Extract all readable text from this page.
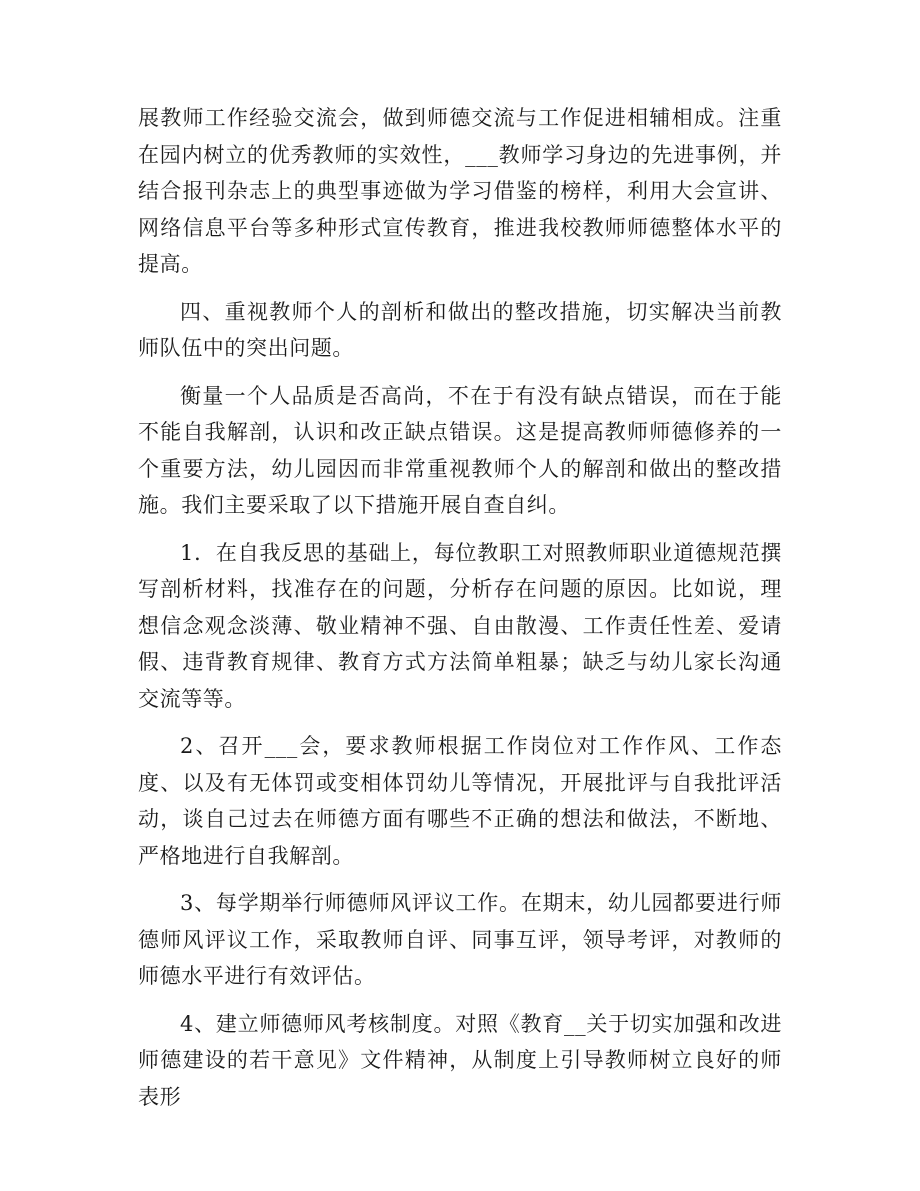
展教师工作经验交流会，做到师德交流与工作促进相辅相成。注重在园内树立的优秀教师的实效性，___教师学习身边的先进事例，并结合报刊杂志上的典型事迹做为学习借鉴的榜样，利用大会宣讲、网络信息平台等多种形式宣传教育，推进我校教师师德整体水平的提高。

四、重视教师个人的剖析和做出的整改措施，切实解决当前教师队伍中的突出问题。

衡量一个人品质是否高尚，不在于有没有缺点错误，而在于能不能自我解剖，认识和改正缺点错误。这是提高教师师德修养的一个重要方法，幼儿园因而非常重视教师个人的解剖和做出的整改措施。我们主要采取了以下措施开展自查自纠。

1．在自我反思的基础上，每位教职工对照教师职业道德规范撰写剖析材料，找准存在的问题，分析存在问题的原因。比如说，理想信念观念淡薄、敬业精神不强、自由散漫、工作责任性差、爱请假、违背教育规律、教育方式方法简单粗暴；缺乏与幼儿家长沟通交流等等。

2、召开___会，要求教师根据工作岗位对工作作风、工作态度、以及有无体罚或变相体罚幼儿等情况，开展批评与自我批评活动，谈自己过去在师德方面有哪些不正确的想法和做法，不断地、严格地进行自我解剖。

3、每学期举行师德师风评议工作。在期末，幼儿园都要进行师德师风评议工作，采取教师自评、同事互评，领导考评，对教师的师德水平进行有效评估。

4、建立师德师风考核制度。对照《教育__关于切实加强和改进师德建设的若干意见》文件精神，从制度上引导教师树立良好的师表形
